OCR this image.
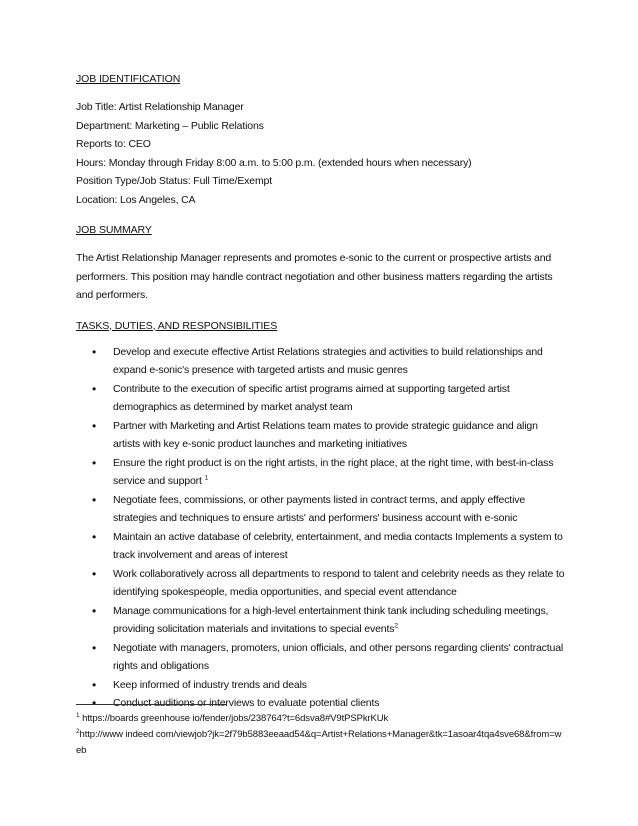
JOB IDENTIFICATION
Job Title: Artist Relationship Manager
Department: Marketing – Public Relations
Reports to: CEO
Hours: Monday through Friday 8:00 a.m. to 5:00 p.m. (extended hours when necessary)
Position Type/Job Status: Full Time/Exempt
Location: Los Angeles, CA
JOB SUMMARY
The Artist Relationship Manager represents and promotes e-sonic to the current or prospective artists and performers. This position may handle contract negotiation and other business matters regarding the artists and performers.
TASKS, DUTIES, AND RESPONSIBILITIES
• Develop and execute effective Artist Relations strategies and activities to build relationships and expand e-sonic's presence with targeted artists and music genres
• Contribute to the execution of specific artist programs aimed at supporting targeted artist demographics as determined by market analyst team
• Partner with Marketing and Artist Relations team mates to provide strategic guidance and align artists with key e-sonic product launches and marketing initiatives
• Ensure the right product is on the right artists, in the right place, at the right time, with best-in-class service and support $^1$
• Negotiate fees, commissions, or other payments listed in contract terms, and apply effective strategies and techniques to ensure artists' and performers' business account with e-sonic
• Maintain an active database of celebrity, entertainment, and media contacts Implements a system to track involvement and areas of interest
• Work collaboratively across all departments to respond to talent and celebrity needs as they relate to identifying spokespeople, media opportunities, and special event attendance
• Manage communications for a high-level entertainment think tank including scheduling meetings, providing solicitation materials and invitations to special events$^2$
• Negotiate with managers, promoters, union officials, and other persons regarding clients' contractual rights and obligations
• Keep informed of industry trends and deals
• Conduct auditions or interviews to evaluate potential clients
$^1$ https://boards greenhouse io/fender/jobs/238764?t=6dsva8#V9tPSPkrKUk
$^2$http://www indeed com/viewjob?jk=2f79b5883eeaad54&q=Artist+Relations+Manager&tk=1asoar4tqa4sve68&from=web
